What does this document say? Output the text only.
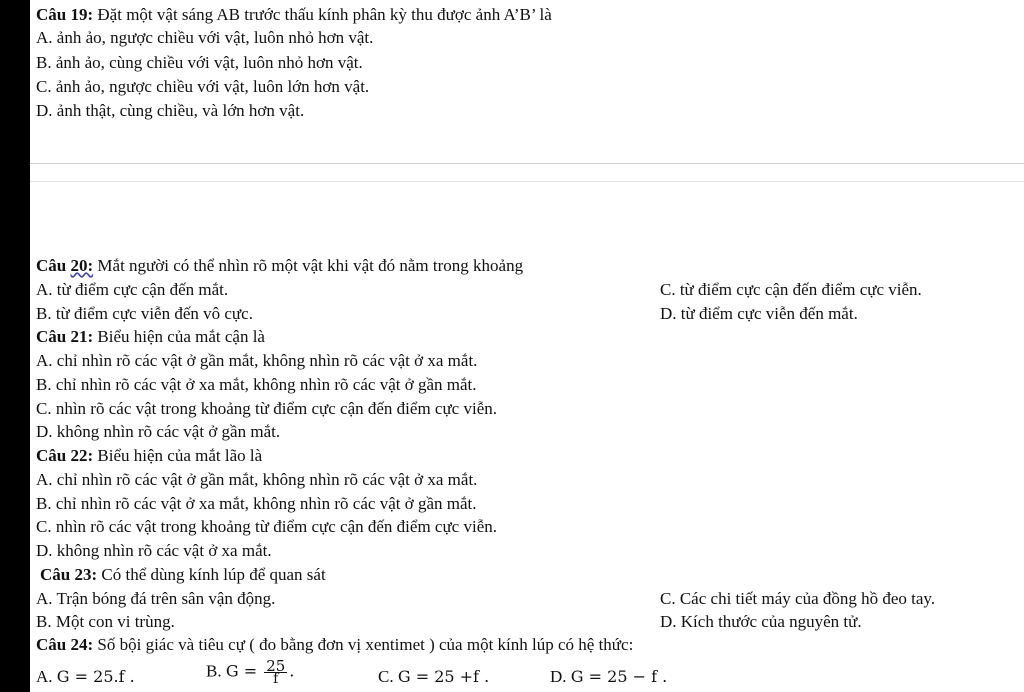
Câu 19: Đặt một vật sáng AB trước thấu kính phân kỳ thu được ảnh A’B’ là
A. ảnh ảo, ngược chiều với vật, luôn nhỏ hơn vật.
B. ảnh ảo, cùng chiều với vật, luôn nhỏ hơn vật.
C. ảnh ảo, ngược chiều với vật, luôn lớn hơn vật.
D. ảnh thật, cùng chiều, và lớn hơn vật.
Câu 20: Mắt người có thể nhìn rõ một vật khi vật đó nằm trong khoảng
A. từ điểm cực cận đến mắt.	C. từ điểm cực cận đến điểm cực viễn.
B. từ điểm cực viễn đến vô cực.	D. từ điểm cực viễn đến mắt.
Câu 21: Biểu hiện của mắt cận là
A. chỉ nhìn rõ các vật ở gần mắt, không nhìn rõ các vật ở xa mắt.
B. chỉ nhìn rõ các vật ở xa mắt, không nhìn rõ các vật ở gần mắt.
C. nhìn rõ các vật trong khoảng từ điểm cực cận đến điểm cực viễn.
D. không nhìn rõ các vật ở gần mắt.
Câu 22: Biểu hiện của mắt lão là
A. chỉ nhìn rõ các vật ở gần mắt, không nhìn rõ các vật ở xa mắt.
B. chỉ nhìn rõ các vật ở xa mắt, không nhìn rõ các vật ở gần mắt.
C. nhìn rõ các vật trong khoảng từ điểm cực cận đến điểm cực viễn.
D. không nhìn rõ các vật ở xa mắt.
Câu 23: Có thể dùng kính lúp để quan sát
A. Trận bóng đá trên sân vận động.	C. Các chi tiết máy của đồng hồ đeo tay.
B. Một con vi trùng.	D. Kích thước của nguyên tử.
Câu 24: Số bội giác và tiêu cự ( đo bằng đơn vị xentimet ) của một kính lúp có hệ thức:
A. G = 25.f .	B. $G = \frac{25}{f}$ .	C. G = 25 +f .	D. G = 25 − f .
